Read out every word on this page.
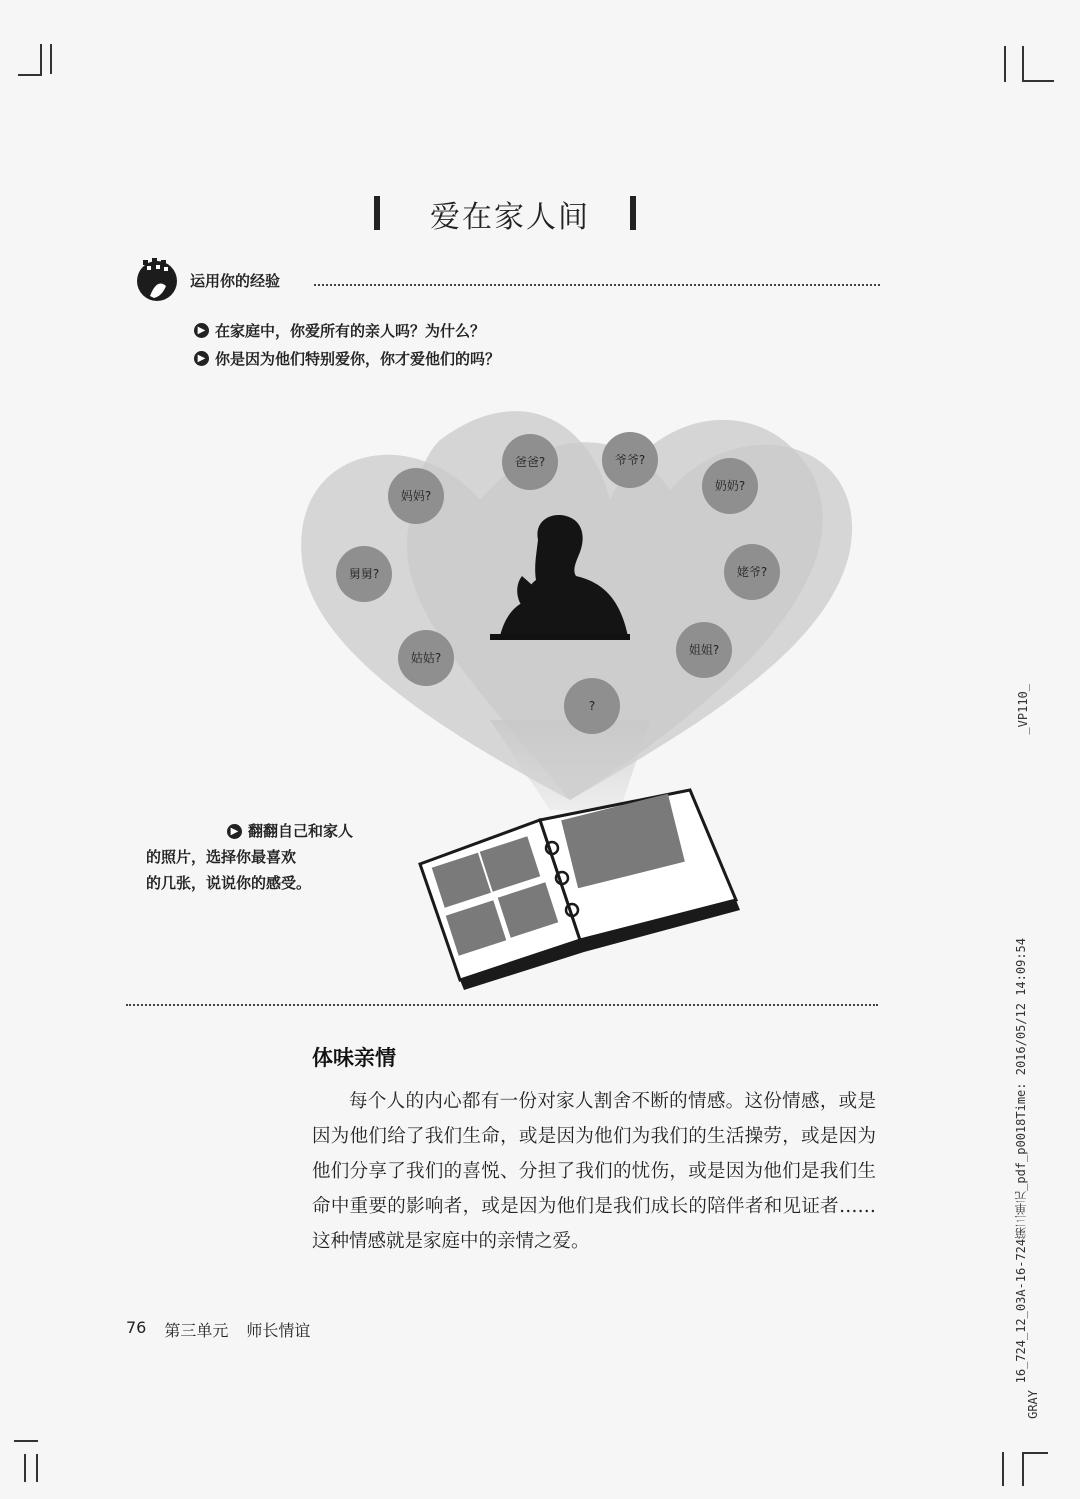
爱在家人间
运用你的经验
▶ 在家庭中，你爱所有的亲人吗？为什么？
▶ 你是因为他们特别爱你，你才爱他们的吗？
爸爸?	爷爷?
奶奶?
妈妈?
舅舅?	姥爷?
姑姑?
姐姐?
?
▶ 翻翻自己和家人
的照片，选择你最喜欢
的几张，说说你的感受。
体味亲情
每个人的内心都有一份对家人割舍不断的情感。这份情感，或是因为他们给了我们生命，或是因为他们为我们的生活操劳，或是因为他们分享了我们的喜悦、分担了我们的忧伤，或是因为他们是我们生命中重要的影响者，或是因为他们是我们成长的陪伴者和见证者……这种情感就是家庭中的亲情之爱。
76 第三单元 师长情谊
_VP110_
16_724_12_03A-16-724第三单元_pdf_p0018Time: 2016/05/12 14:09:54
GRAY
